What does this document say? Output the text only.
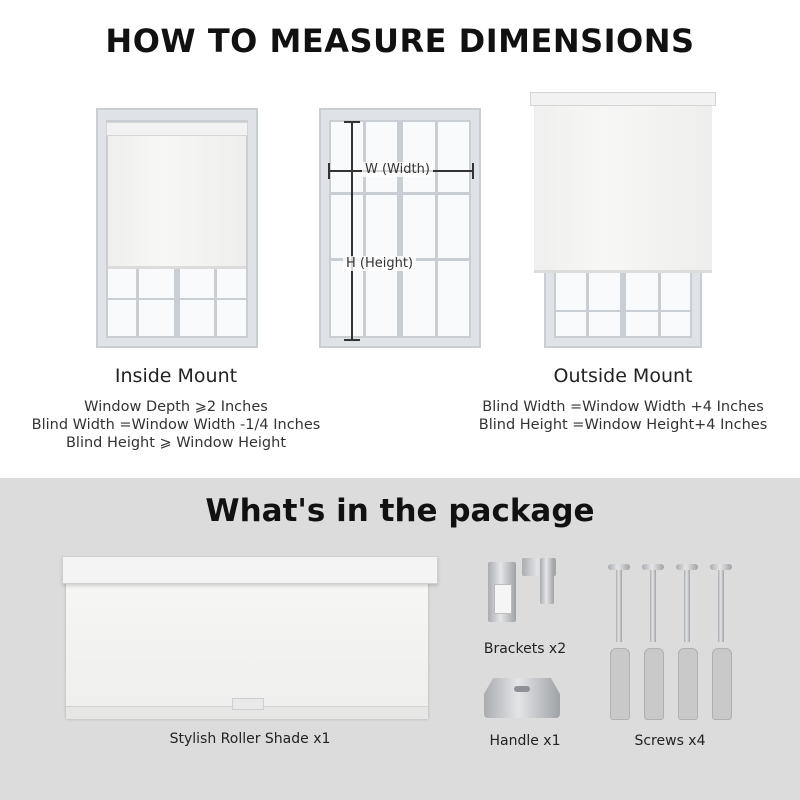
HOW TO MEASURE DIMENSIONS
W (Width)
H (Height)
Inside Mount
Window Depth ⩾2 Inches
Blind Width =Window Width -1/4 Inches
Blind Height ⩾ Window Height
Outside Mount
Blind Width =Window Width +4 Inches
Blind Height =Window Height+4 Inches
What's in the package
Stylish Roller Shade x1
Brackets x2
Handle x1	Screws x4
